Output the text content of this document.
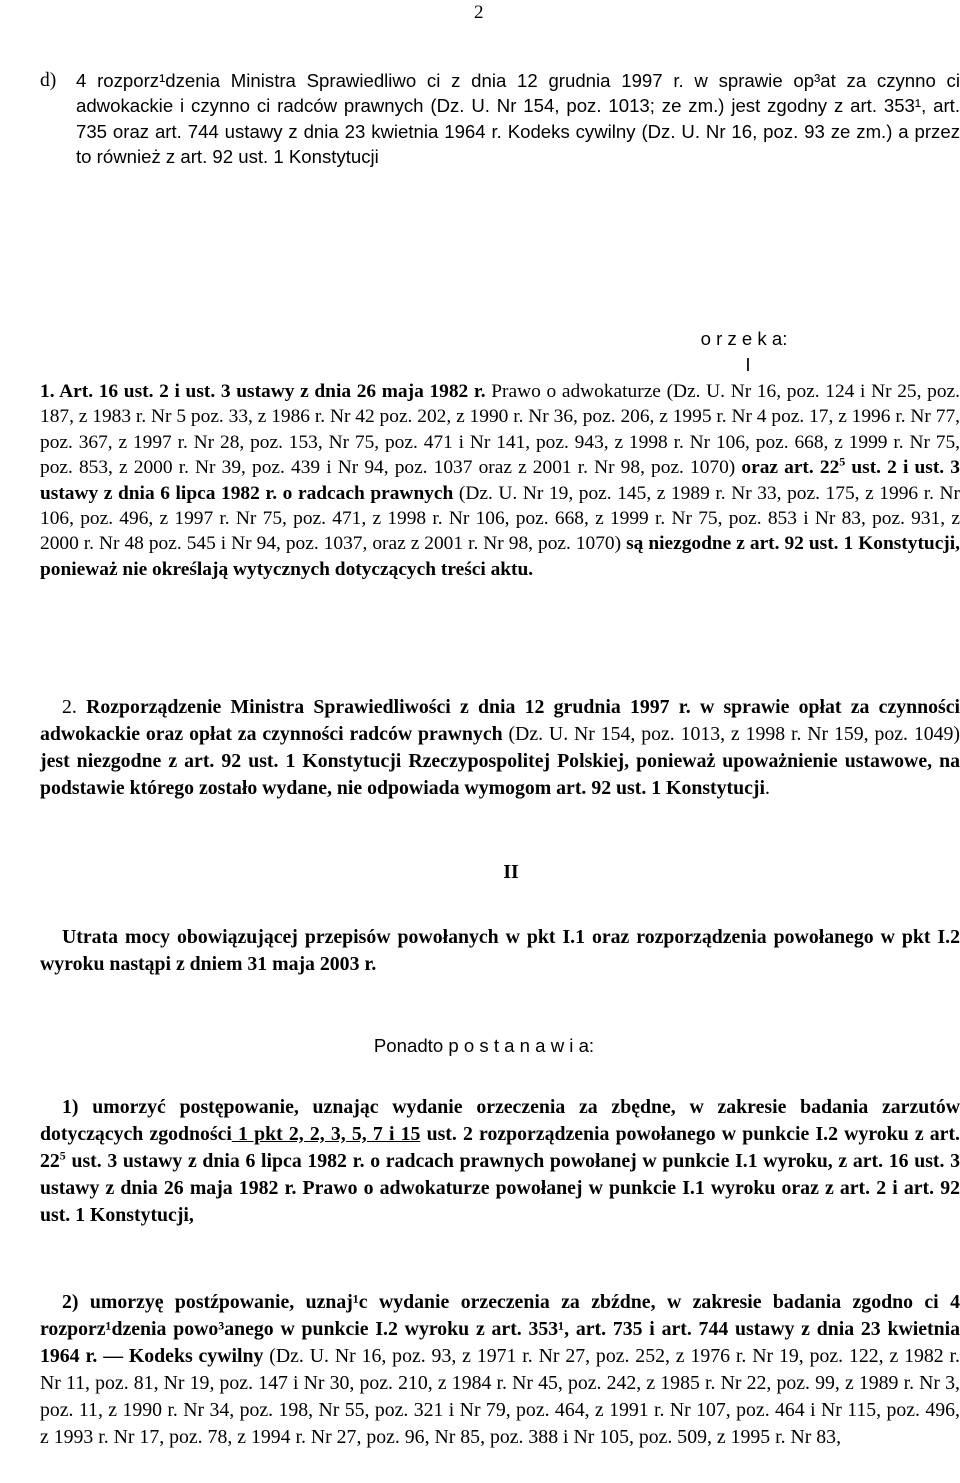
2
d) 4 rozporz¹dzenia Ministra Sprawiedliwo ci z dnia 12 grudnia 1997 r. w sprawie op³at za czynno ci adwokackie i czynno ci radców prawnych (Dz. U. Nr 154, poz. 1013; ze zm.) jest zgodny z art. 353¹, art. 735 oraz art. 744 ustawy z dnia 23 kwietnia 1964 r. Kodeks cywilny (Dz. U. Nr 16, poz. 93 ze zm.) a przez to również z art. 92 ust. 1 Konstytucji
o r z e k a:
I
1. Art. 16 ust. 2 i ust. 3 ustawy z dnia 26 maja 1982 r. Prawo o adwokaturze (Dz. U. Nr 16, poz. 124 i Nr 25, poz. 187, z 1983 r. Nr 5 poz. 33, z 1986 r. Nr 42 poz. 202, z 1990 r. Nr 36, poz. 206, z 1995 r. Nr 4 poz. 17, z 1996 r. Nr 77, poz. 367, z 1997 r. Nr 28, poz. 153, Nr 75, poz. 471 i Nr 141, poz. 943, z 1998 r. Nr 106, poz. 668, z 1999 r. Nr 75, poz. 853, z 2000 r. Nr 39, poz. 439 i Nr 94, poz. 1037 oraz z 2001 r. Nr 98, poz. 1070) oraz art. $22^5$ ust. 2 i ust. 3 ustawy z dnia 6 lipca 1982 r. o radcach prawnych (Dz. U. Nr 19, poz. 145, z 1989 r. Nr 33, poz. 175, z 1996 r. Nr 106, poz. 496, z 1997 r. Nr 75, poz. 471, z 1998 r. Nr 106, poz. 668, z 1999 r. Nr 75, poz. 853 i Nr 83, poz. 931, z 2000 r. Nr 48 poz. 545 i Nr 94, poz. 1037, oraz z 2001 r. Nr 98, poz. 1070) są niezgodne z art. 92 ust. 1 Konstytucji, ponieważ nie określają wytycznych dotyczących treści aktu.
2. Rozporządzenie Ministra Sprawiedliwości z dnia 12 grudnia 1997 r. w sprawie opłat za czynności adwokackie oraz opłat za czynności radców prawnych (Dz. U. Nr 154, poz. 1013, z 1998 r. Nr 159, poz. 1049) jest niezgodne z art. 92 ust. 1 Konstytucji Rzeczypospolitej Polskiej, ponieważ upoważnienie ustawowe, na podstawie którego zostało wydane, nie odpowiada wymogom art. 92 ust. 1 Konstytucji.
II
Utrata mocy obowiązującej przepisów powołanych w pkt I.1 oraz rozporządzenia powołanego w pkt I.2 wyroku nastąpi z dniem 31 maja 2003 r.
Ponadto p o s t a n a w i a:
1) umorzyć postępowanie, uznając wydanie orzeczenia za zbędne, w zakresie badania zarzutów dotyczących zgodności 1 pkt 2, 2, 3, 5, 7 i 15 ust. 2 rozporządzenia powołanego w punkcie I.2 wyroku z art. $22^5$ ust. 3 ustawy z dnia 6 lipca 1982 r. o radcach prawnych powołanej w punkcie I.1 wyroku, z art. 16 ust. 3 ustawy z dnia 26 maja 1982 r. Prawo o adwokaturze powołanej w punkcie I.1 wyroku oraz z art. 2 i art. 92 ust. 1 Konstytucji,
2) umorzyę postźpowanie, uznaj¹c wydanie orzeczenia za zbźdne, w zakresie badania zgodno ci 4 rozporz¹dzenia powo³anego w punkcie I.2 wyroku z art. 353¹, art. 735 i art. 744 ustawy z dnia 23 kwietnia 1964 r. — Kodeks cywilny (Dz. U. Nr 16, poz. 93, z 1971 r. Nr 27, poz. 252, z 1976 r. Nr 19, poz. 122, z 1982 r. Nr 11, poz. 81, Nr 19, poz. 147 i Nr 30, poz. 210, z 1984 r. Nr 45, poz. 242, z 1985 r. Nr 22, poz. 99, z 1989 r. Nr 3, poz. 11, z 1990 r. Nr 34, poz. 198, Nr 55, poz. 321 i Nr 79, poz. 464, z 1991 r. Nr 107, poz. 464 i Nr 115, poz. 496, z 1993 r. Nr 17, poz. 78, z 1994 r. Nr 27, poz. 96, Nr 85, poz. 388 i Nr 105, poz. 509, z 1995 r. Nr 83,
